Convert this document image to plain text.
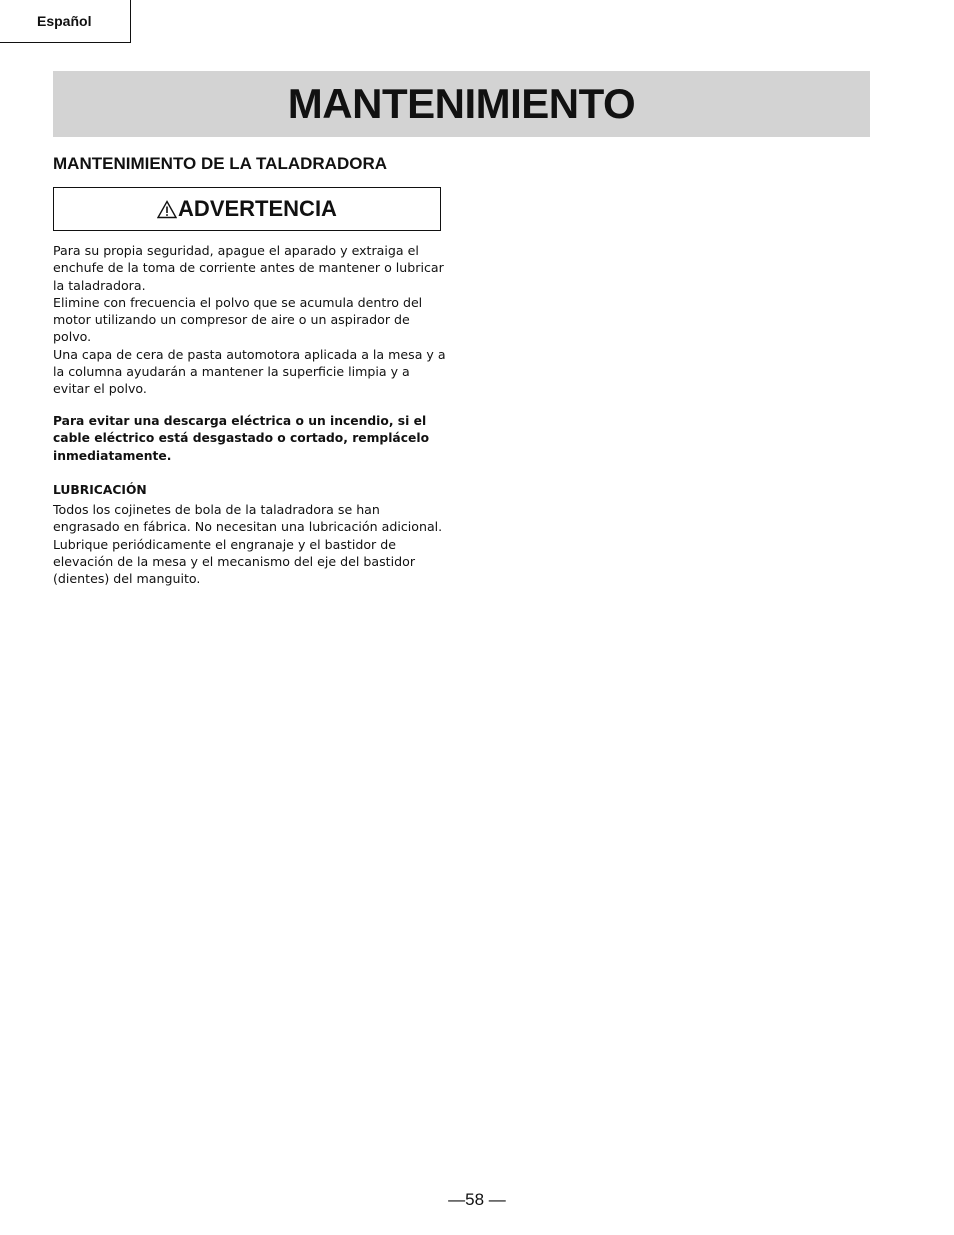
Español
MANTENIMIENTO
MANTENIMIENTO DE LA TALADRADORA
ADVERTENCIA

Para su propia seguridad, apague el aparado y extraiga el enchufe de la toma de corriente antes de mantener o lubricar la taladradora.

Elimine con frecuencia el polvo que se acumula dentro del motor utilizando un compresor de aire o un aspirador de polvo.

Una capa de cera de pasta automotora aplicada a la mesa y a la columna ayudarán a mantener la superficie limpia y a evitar el polvo.

Para evitar una descarga eléctrica o un incendio, si el cable eléctrico está desgastado o cortado, remplácelo inmediatamente.

LUBRICACIÓN

Todos los cojinetes de bola de la taladradora se han engrasado en fábrica. No necesitan una lubricación adicional.

Lubrique periódicamente el engranaje y el bastidor de elevación de la mesa y el mecanismo del eje del bastidor (dientes) del manguito.

—58 —
